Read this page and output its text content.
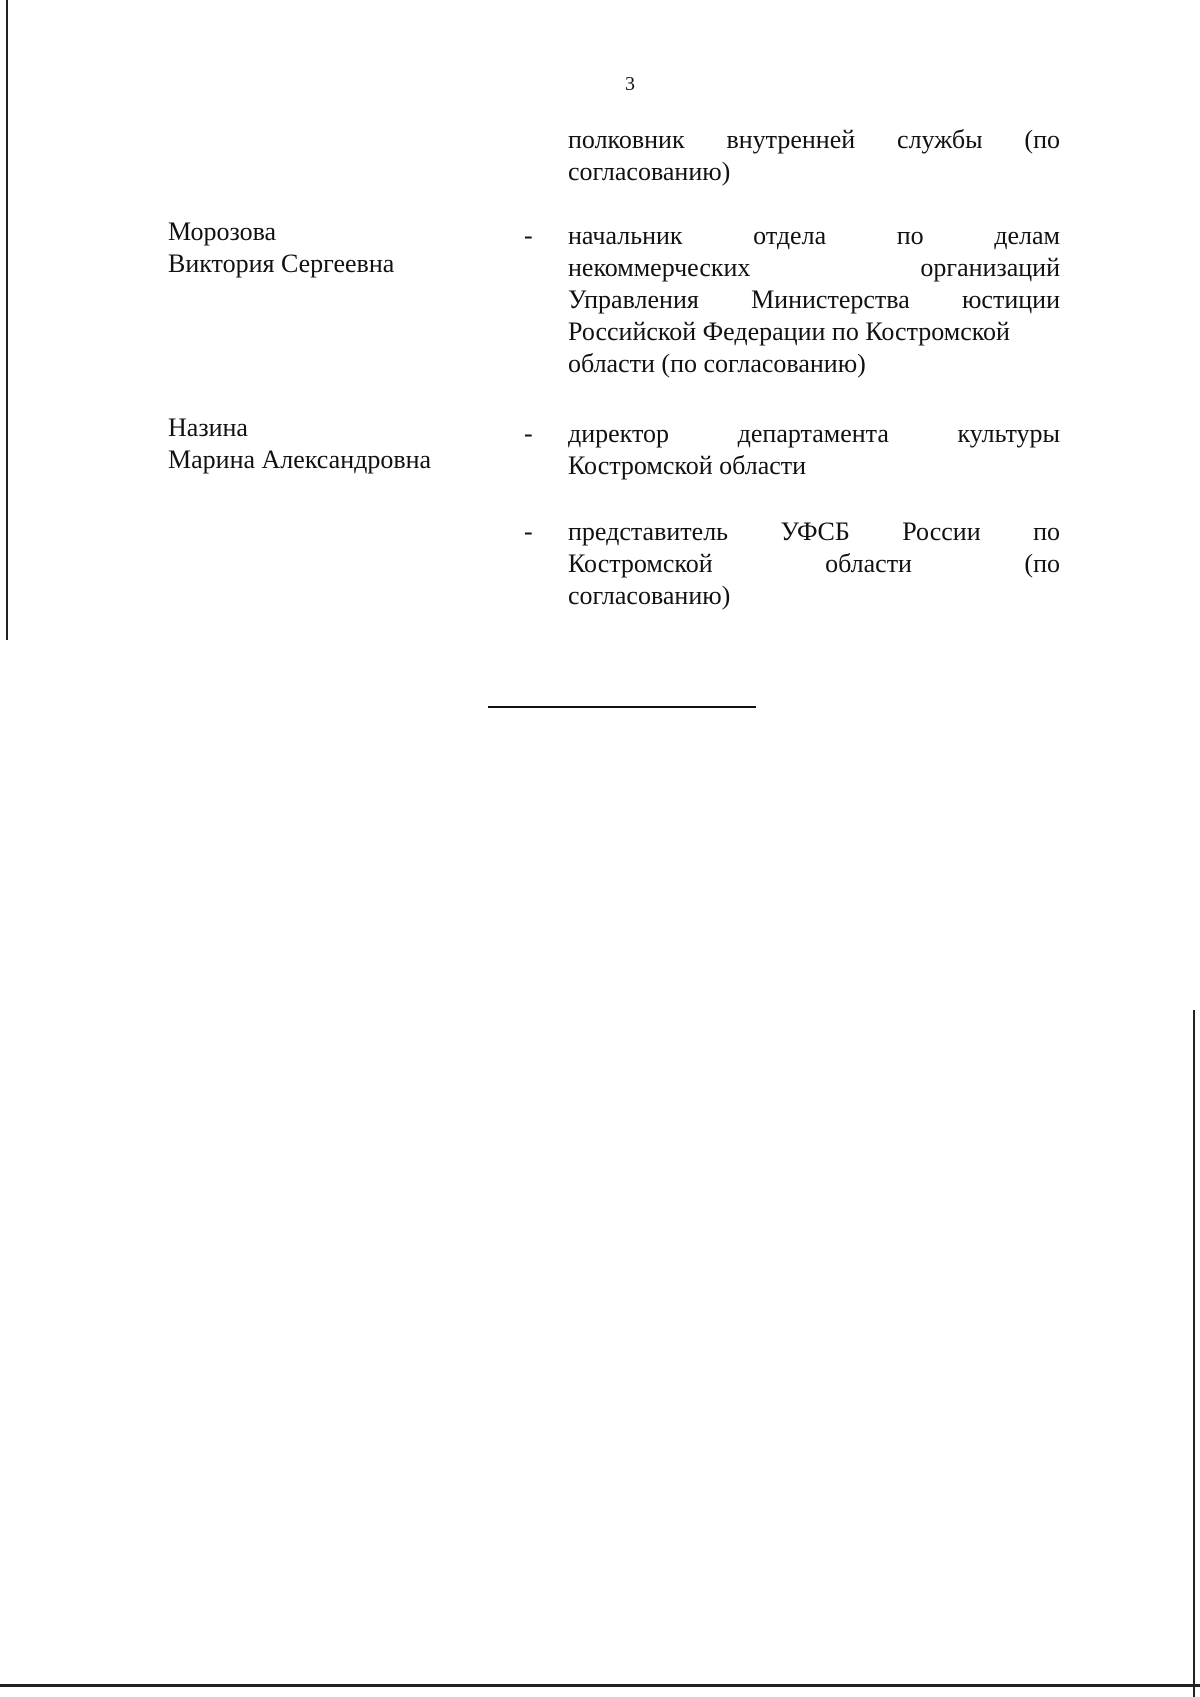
3
полковник внутренней службы (по
согласованию)
Морозова
Виктория Сергеевна
- начальник	отдела	по	делам
некоммерческих	организаций
Управления Министерства юстиции
Российской Федерации по Костромской
области (по согласованию)
Назина
Марина Александровна
- директор	департамента	культуры
Костромской области
- представитель УФСБ России по
Костромской	области	(по
согласованию)
